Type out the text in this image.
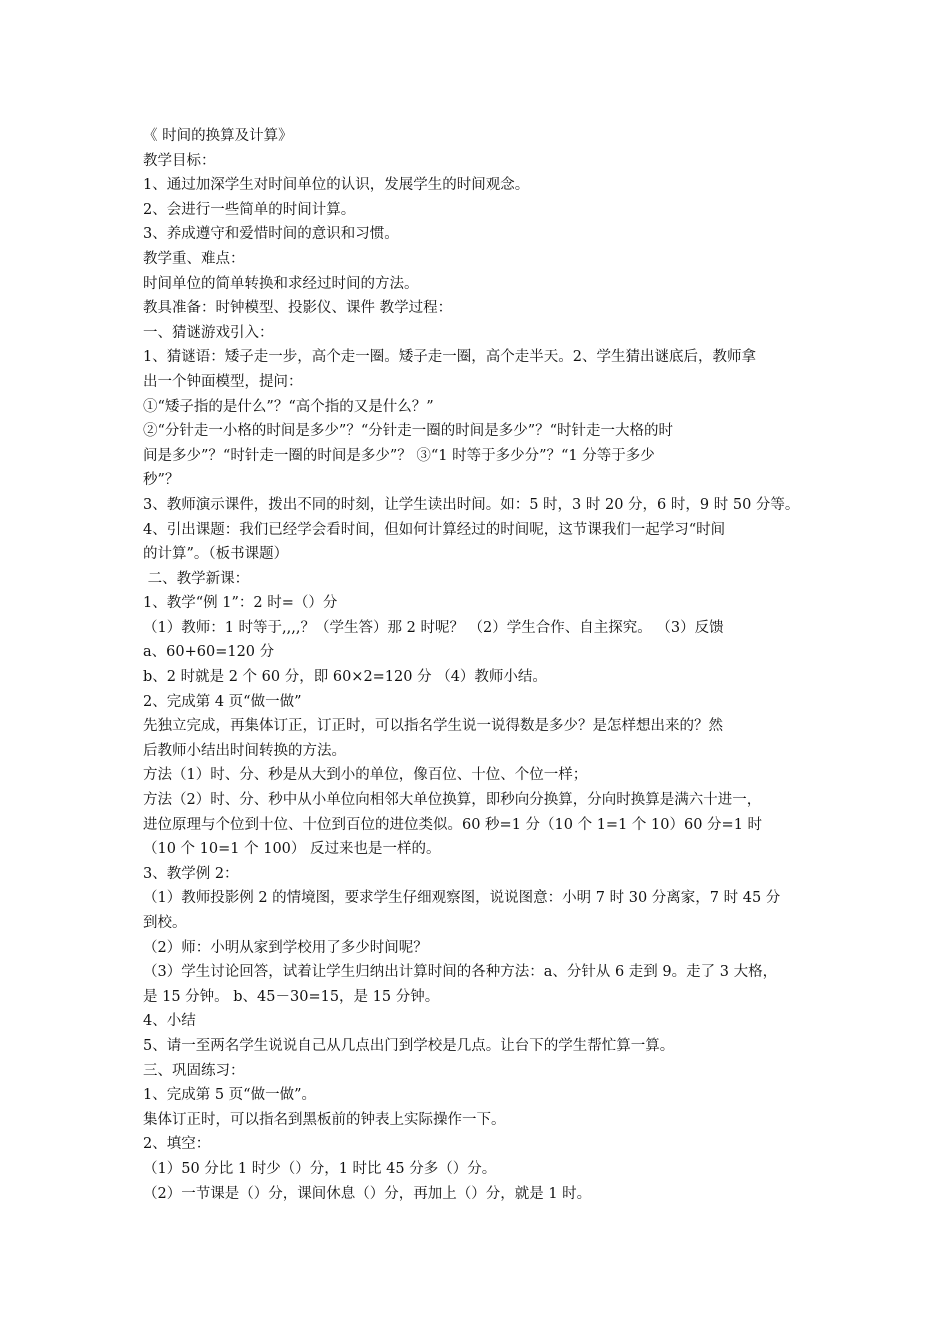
《 时间的换算及计算》

教学目标：

1、通过加深学生对时间单位的认识，发展学生的时间观念。

2、会进行一些简单的时间计算。

3、养成遵守和爱惜时间的意识和习惯。

教学重、难点：

时间单位的简单转换和求经过时间的方法。

教具准备：时钟模型、投影仪、课件 教学过程：

一、猜谜游戏引入：

1、猜谜语：矮子走一步，高个走一圈。矮子走一圈，高个走半天。2、学生猜出谜底后，教师拿

出一个钟面模型，提问：

①“矮子指的是什么”？“高个指的又是什么？”

②“分针走一小格的时间是多少”？“分针走一圈的时间是多少”？“时针走一大格的时

间是多少”？“时针走一圈的时间是多少”？ ③“1 时等于多少分”？“1 分等于多少

秒”？

3、教师演示课件，拨出不同的时刻，让学生读出时间。如：5 时，3 时 20 分，6 时，9 时 50 分等。

4、引出课题：我们已经学会看时间，但如何计算经过的时间呢，这节课我们一起学习“时间

的计算”。（板书课题）

二、教学新课：

1、教学“例 1”：2 时=（）分

（1）教师：1 时等于,,,,？（学生答）那 2 时呢？ （2）学生合作、自主探究。 （3）反馈

a、60+60=120 分

b、2 时就是 2 个 60 分，即 60×2=120 分 （4）教师小结。

2、完成第 4 页“做一做”

先独立完成，再集体订正，订正时，可以指名学生说一说得数是多少？是怎样想出来的？然

后教师小结出时间转换的方法。

方法（1）时、分、秒是从大到小的单位，像百位、十位、个位一样；

方法（2）时、分、秒中从小单位向相邻大单位换算，即秒向分换算，分向时换算是满六十进一，

进位原理与个位到十位、十位到百位的进位类似。60 秒=1 分（10 个 1=1 个 10）60 分=1 时

（10 个 10=1 个 100） 反过来也是一样的。

3、教学例 2：

（1）教师投影例 2 的情境图，要求学生仔细观察图，说说图意：小明 7 时 30 分离家，7 时 45 分

到校。

（2）师：小明从家到学校用了多少时间呢？

（3）学生讨论回答，试着让学生归纳出计算时间的各种方法：a、分针从 6 走到 9。走了 3 大格，

是 15 分钟。 b、45－30=15，是 15 分钟。

4、小结

5、请一至两名学生说说自己从几点出门到学校是几点。让台下的学生帮忙算一算。

三、巩固练习：

1、完成第 5 页“做一做”。

集体订正时，可以指名到黑板前的钟表上实际操作一下。

2、填空：

（1）50 分比 1 时少（）分，1 时比 45 分多（）分。

（2）一节课是（）分，课间休息（）分，再加上（）分，就是 1 时。
